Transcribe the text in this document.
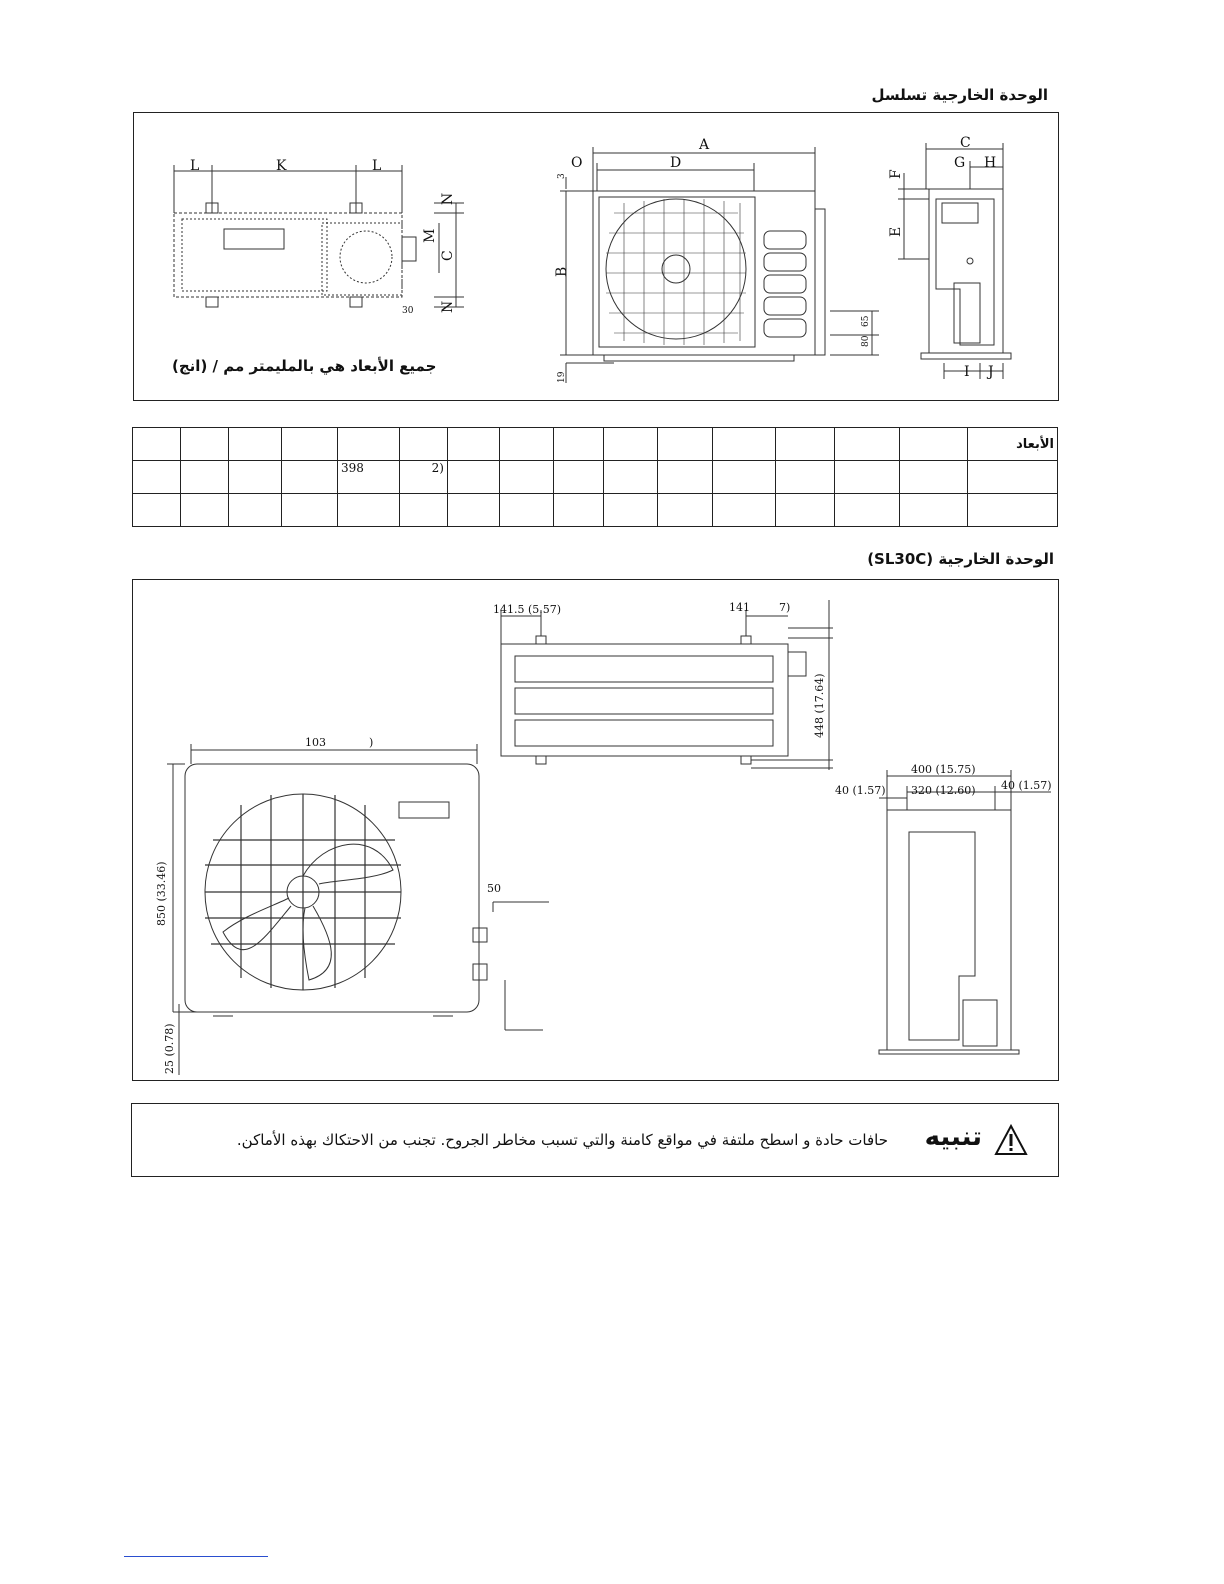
الوحدة الخارجية تسلسل
L	K	L
A
O	D
C
G H
I J
N
M
C
N
B
F
E
30
3
19
65
80
جميع الأبعاد هي بالمليمتر مم / (انج)
															الأبعاد
				398	2)										

الوحدة الخارجية (SL30C)
141.5 (5.57)	141	7)
103	)
50
400 (15.75)
40 (1.57) 320 (12.60) 40 (1.57)
448 (17.64)
850 (33.46)
25 (0.78)
تنبيه
حافات حادة و اسطح ملتفة في مواقع كامنة والتي تسبب مخاطر الجروح. تجنب من الاحتكاك بهذه الأماكن.
